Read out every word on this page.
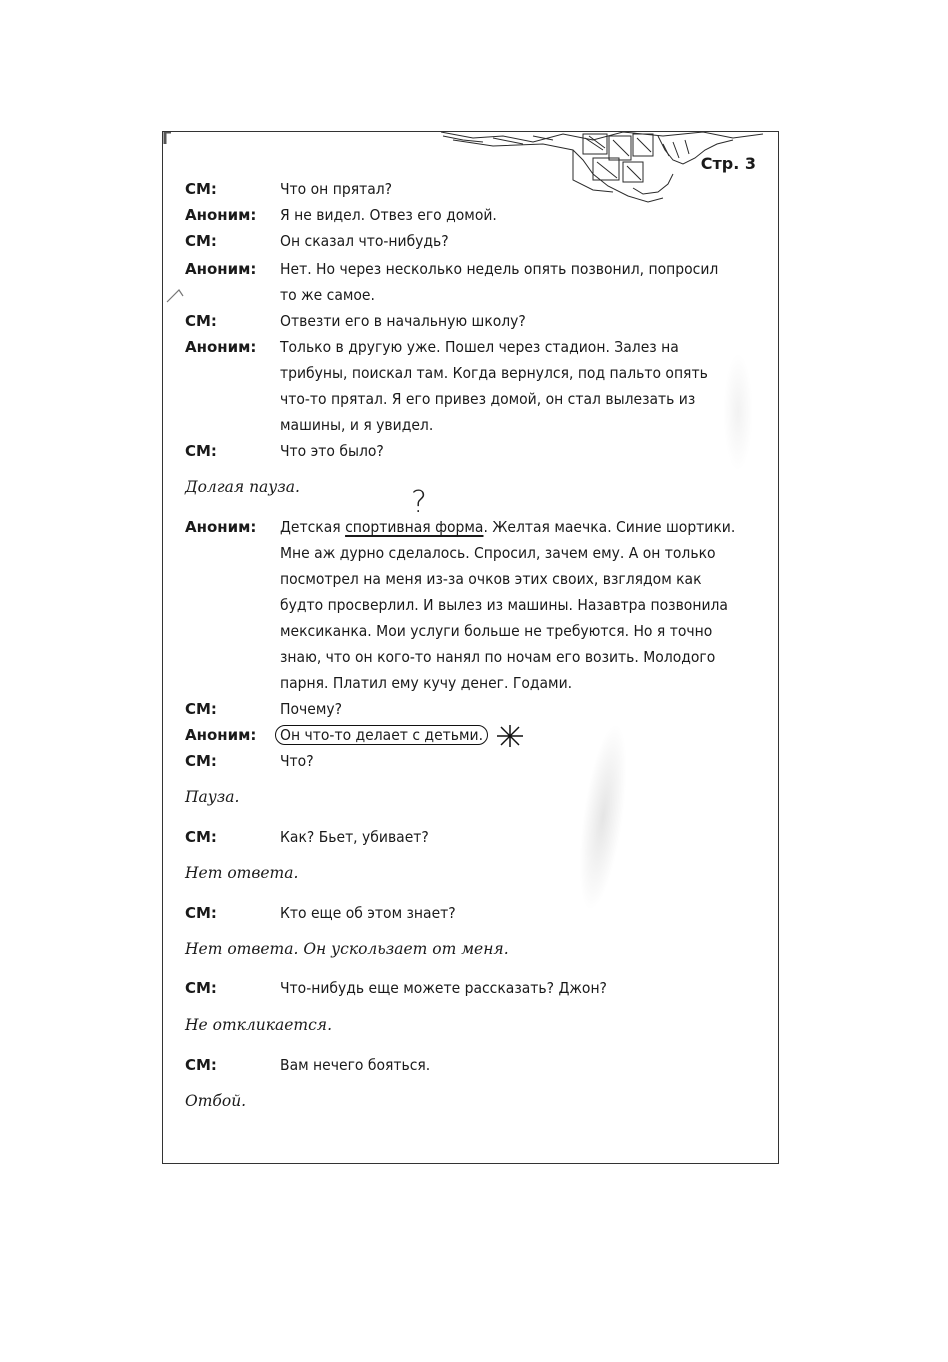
Стр. 3
СМ:	Что он прятал?
Аноним:	Я не видел. Отвез его домой.
СМ:	Он сказал что-нибудь?
Аноним:	Нет. Но через несколько недель опять позвонил, попросил
то же самое.
СМ:	Отвезти его в начальную школу?
Аноним:	Только в другую уже. Пошел через стадион. Залез на
трибуны, поискал там. Когда вернулся, под пальто опять
что-то прятал. Я его привез домой, он стал вылезать из
машины, и я увидел.
СМ:	Что это было?
Долгая пауза.	?
Аноним:	Детская спортивная форма. Желтая маечка. Синие шортики.
Мне аж дурно сделалось. Спросил, зачем ему. А он только
посмотрел на меня из-за очков этих своих, взглядом как
будто просверлил. И вылез из машины. Назавтра позвонила
мексиканка. Мои услуги больше не требуются. Но я точно
знаю, что он кого-то нанял по ночам его возить. Молодого
парня. Платил ему кучу денег. Годами.
СМ:	Почему?
Аноним:	Он что-то делает с детьми.
СМ:	Что?
Пауза.
СМ:	Как? Бьет, убивает?
Нет ответа.
СМ:	Кто еще об этом знает?
Нет ответа. Он ускользает от меня.
СМ:	Что-нибудь еще можете рассказать? Джон?
Не откликается.
СМ:	Вам нечего бояться.
Отбой.
